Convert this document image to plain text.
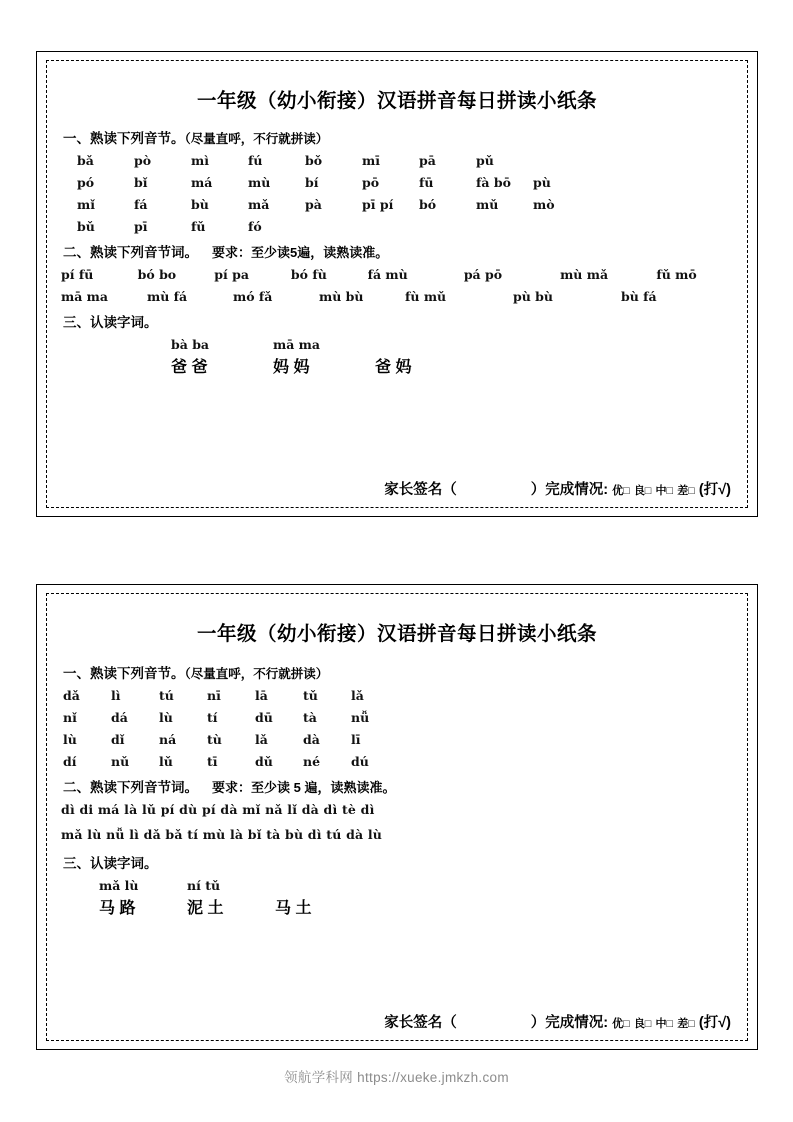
一年级（幼小衔接）汉语拼音每日拼读小纸条
一、熟读下列音节。（尽量直呼，不行就拼读）
bǎ	pò	mì	fú	bǒ	mī	pā	pǔ
pó	bǐ	má	mù	bí	pō	fū	fà bō	pù
mǐ	fá	bù	mǎ	pà	pī pí	bó	mǔ	mò
bǔ	pī	fǔ	fó
二、熟读下列音节词。 要求：至少读5遍，读熟读准。
pí fū	bó bo	pí pa	bó fù	fá mù	pá pō	mù mǎ	fǔ mō
mā ma	mù fá	mó fǎ	mù bù	fù mǔ	pù bù	bù fá
三、认读字词。
bà ba	mā ma
爸 爸	妈 妈	爸 妈
家长签名（	）完成情况: 优□ 良□ 中□ 差□ (打√)
一年级（幼小衔接）汉语拼音每日拼读小纸条
一、熟读下列音节。（尽量直呼，不行就拼读）
dǎ	lì	tú	nī	lā	tǔ	lǎ
nǐ	dá	lù	tí	dū	tà	nǚ
lù	dǐ	ná	tù	lǎ	dà	lī
dí	nǔ	lǔ	tī	dǔ	né	dú
二、熟读下列音节词。 要求：至少读 5 遍，读熟读准。
dì di má là lǔ pí dù pí dà mǐ nǎ lǐ dà dì tè dì
mǎ lù nǚ lì dǎ bǎ tí mù là bǐ tà bù dì tú dà lù
三、认读字词。
mǎ lù	ní tǔ
马 路	泥 土	马 土
家长签名（	）完成情况: 优□ 良□ 中□ 差□ (打√)
领航学科网 https://xueke.jmkzh.com
